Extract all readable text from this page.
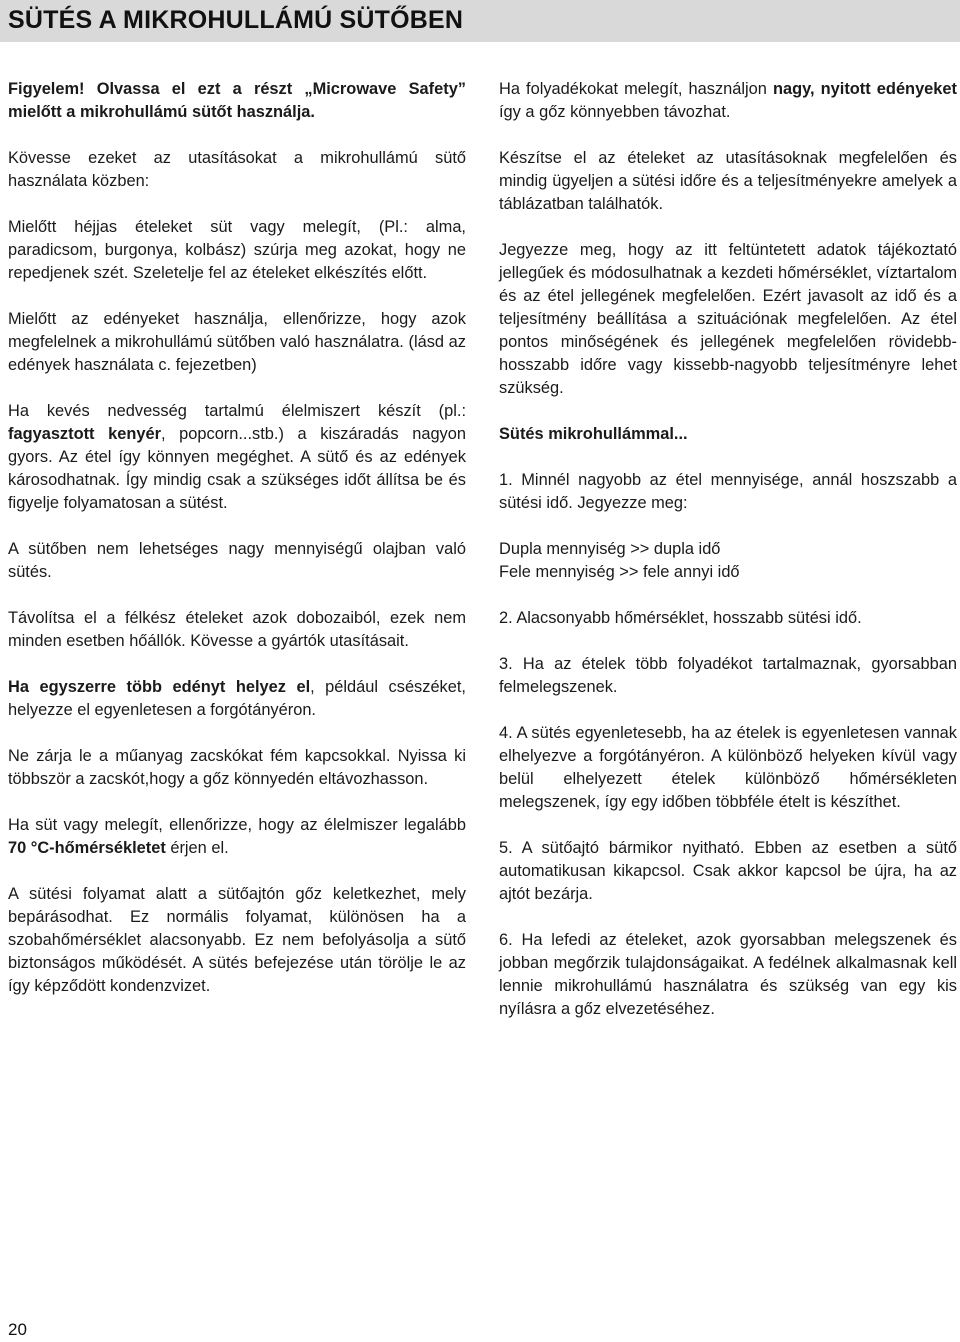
SÜTÉS A MIKROHULLÁMÚ SÜTŐBEN

Figyelem! Olvassa el ezt a részt „Microwave Safety” mielőtt a mikrohullámú sütőt használja.

Kövesse ezeket az utasításokat a mikrohullámú sütő használata közben:

Mielőtt héjjas ételeket süt vagy melegít, (Pl.: alma, paradicsom, burgonya, kolbász) szúrja meg azokat, hogy ne repedjenek szét. Szeletelje fel az ételeket elkészítés előtt.

Mielőtt az edényeket használja, ellenőrizze, hogy azok megfelelnek a mikrohullámú sütőben való használatra. (lásd az edények használata c. fejezetben)

Ha kevés nedvesség tartalmú élelmiszert készít (pl.: fagyasztott kenyér, popcorn...stb.) a kiszáradás nagyon gyors. Az étel így könnyen megéghet. A sütő és az edények károsodhatnak. Így mindig csak a szükséges időt állítsa be és figyelje folyamatosan a sütést.

A sütőben nem lehetséges nagy mennyiségű olajban való sütés.

Távolítsa el a félkész ételeket azok dobozaiból, ezek nem minden esetben hőállók. Kövesse a gyártók utasításait.

Ha egyszerre több edényt helyez el, például csészéket, helyezze el egyenletesen a forgótányéron.

Ne zárja le a műanyag zacskókat fém kapcsokkal. Nyissa ki többször a zacskót,hogy a gőz könnyedén eltávozhasson.

Ha süt vagy melegít, ellenőrizze, hogy az élelmiszer legalább 70 °C-hőmérsékletet érjen el.

A sütési folyamat alatt a sütőajtón gőz keletkezhet, mely bepárásodhat. Ez normális folyamat, különösen ha a szobahőmérséklet alacsonyabb. Ez nem befolyásolja a sütő biztonságos működését. A sütés befejezése után törölje le az így képződött kondenzvizet.

Ha folyadékokat melegít, használjon nagy, nyitott edényeket így a gőz könnyebben távozhat.

Készítse el az ételeket az utasításoknak megfelelően és mindig ügyeljen a sütési időre és a teljesítményekre amelyek a táblázatban találhatók.

Jegyezze meg, hogy az itt feltüntetett adatok tájékoztató jellegűek és módosulhatnak a kezdeti hőmérséklet, víztartalom és az étel jellegének megfelelően. Ezért javasolt az idő és a teljesítmény beállítása a szituációnak megfelelően. Az étel pontos minőségének és jellegének megfelelően rövidebb-hosszabb időre vagy kissebb-nagyobb teljesítményre lehet szükség.

Sütés mikrohullámmal...

1. Minnél nagyobb az étel mennyisége, annál hoszszabb a sütési idő. Jegyezze meg:

Dupla mennyiség >> dupla idő

Fele mennyiség >> fele annyi idő

2. Alacsonyabb hőmérséklet, hosszabb sütési idő.

3. Ha az ételek több folyadékot tartalmaznak, gyorsabban felmelegszenek.

4. A sütés egyenletesebb, ha az ételek is egyenletesen vannak elhelyezve a forgótányéron. A különböző helyeken kívül vagy belül elhelyezett ételek különböző hőmérsékleten melegszenek, így egy időben többféle ételt is készíthet.

5. A sütőajtó bármikor nyitható. Ebben az esetben a sütő automatikusan kikapcsol. Csak akkor kapcsol be újra, ha az ajtót bezárja.

6. Ha lefedi az ételeket, azok gyorsabban melegszenek és jobban megőrzik tulajdonságaikat. A fedélnek alkalmasnak kell lennie mikrohullámú használatra és szükség van egy kis nyílásra a gőz elvezetéséhez.

20
